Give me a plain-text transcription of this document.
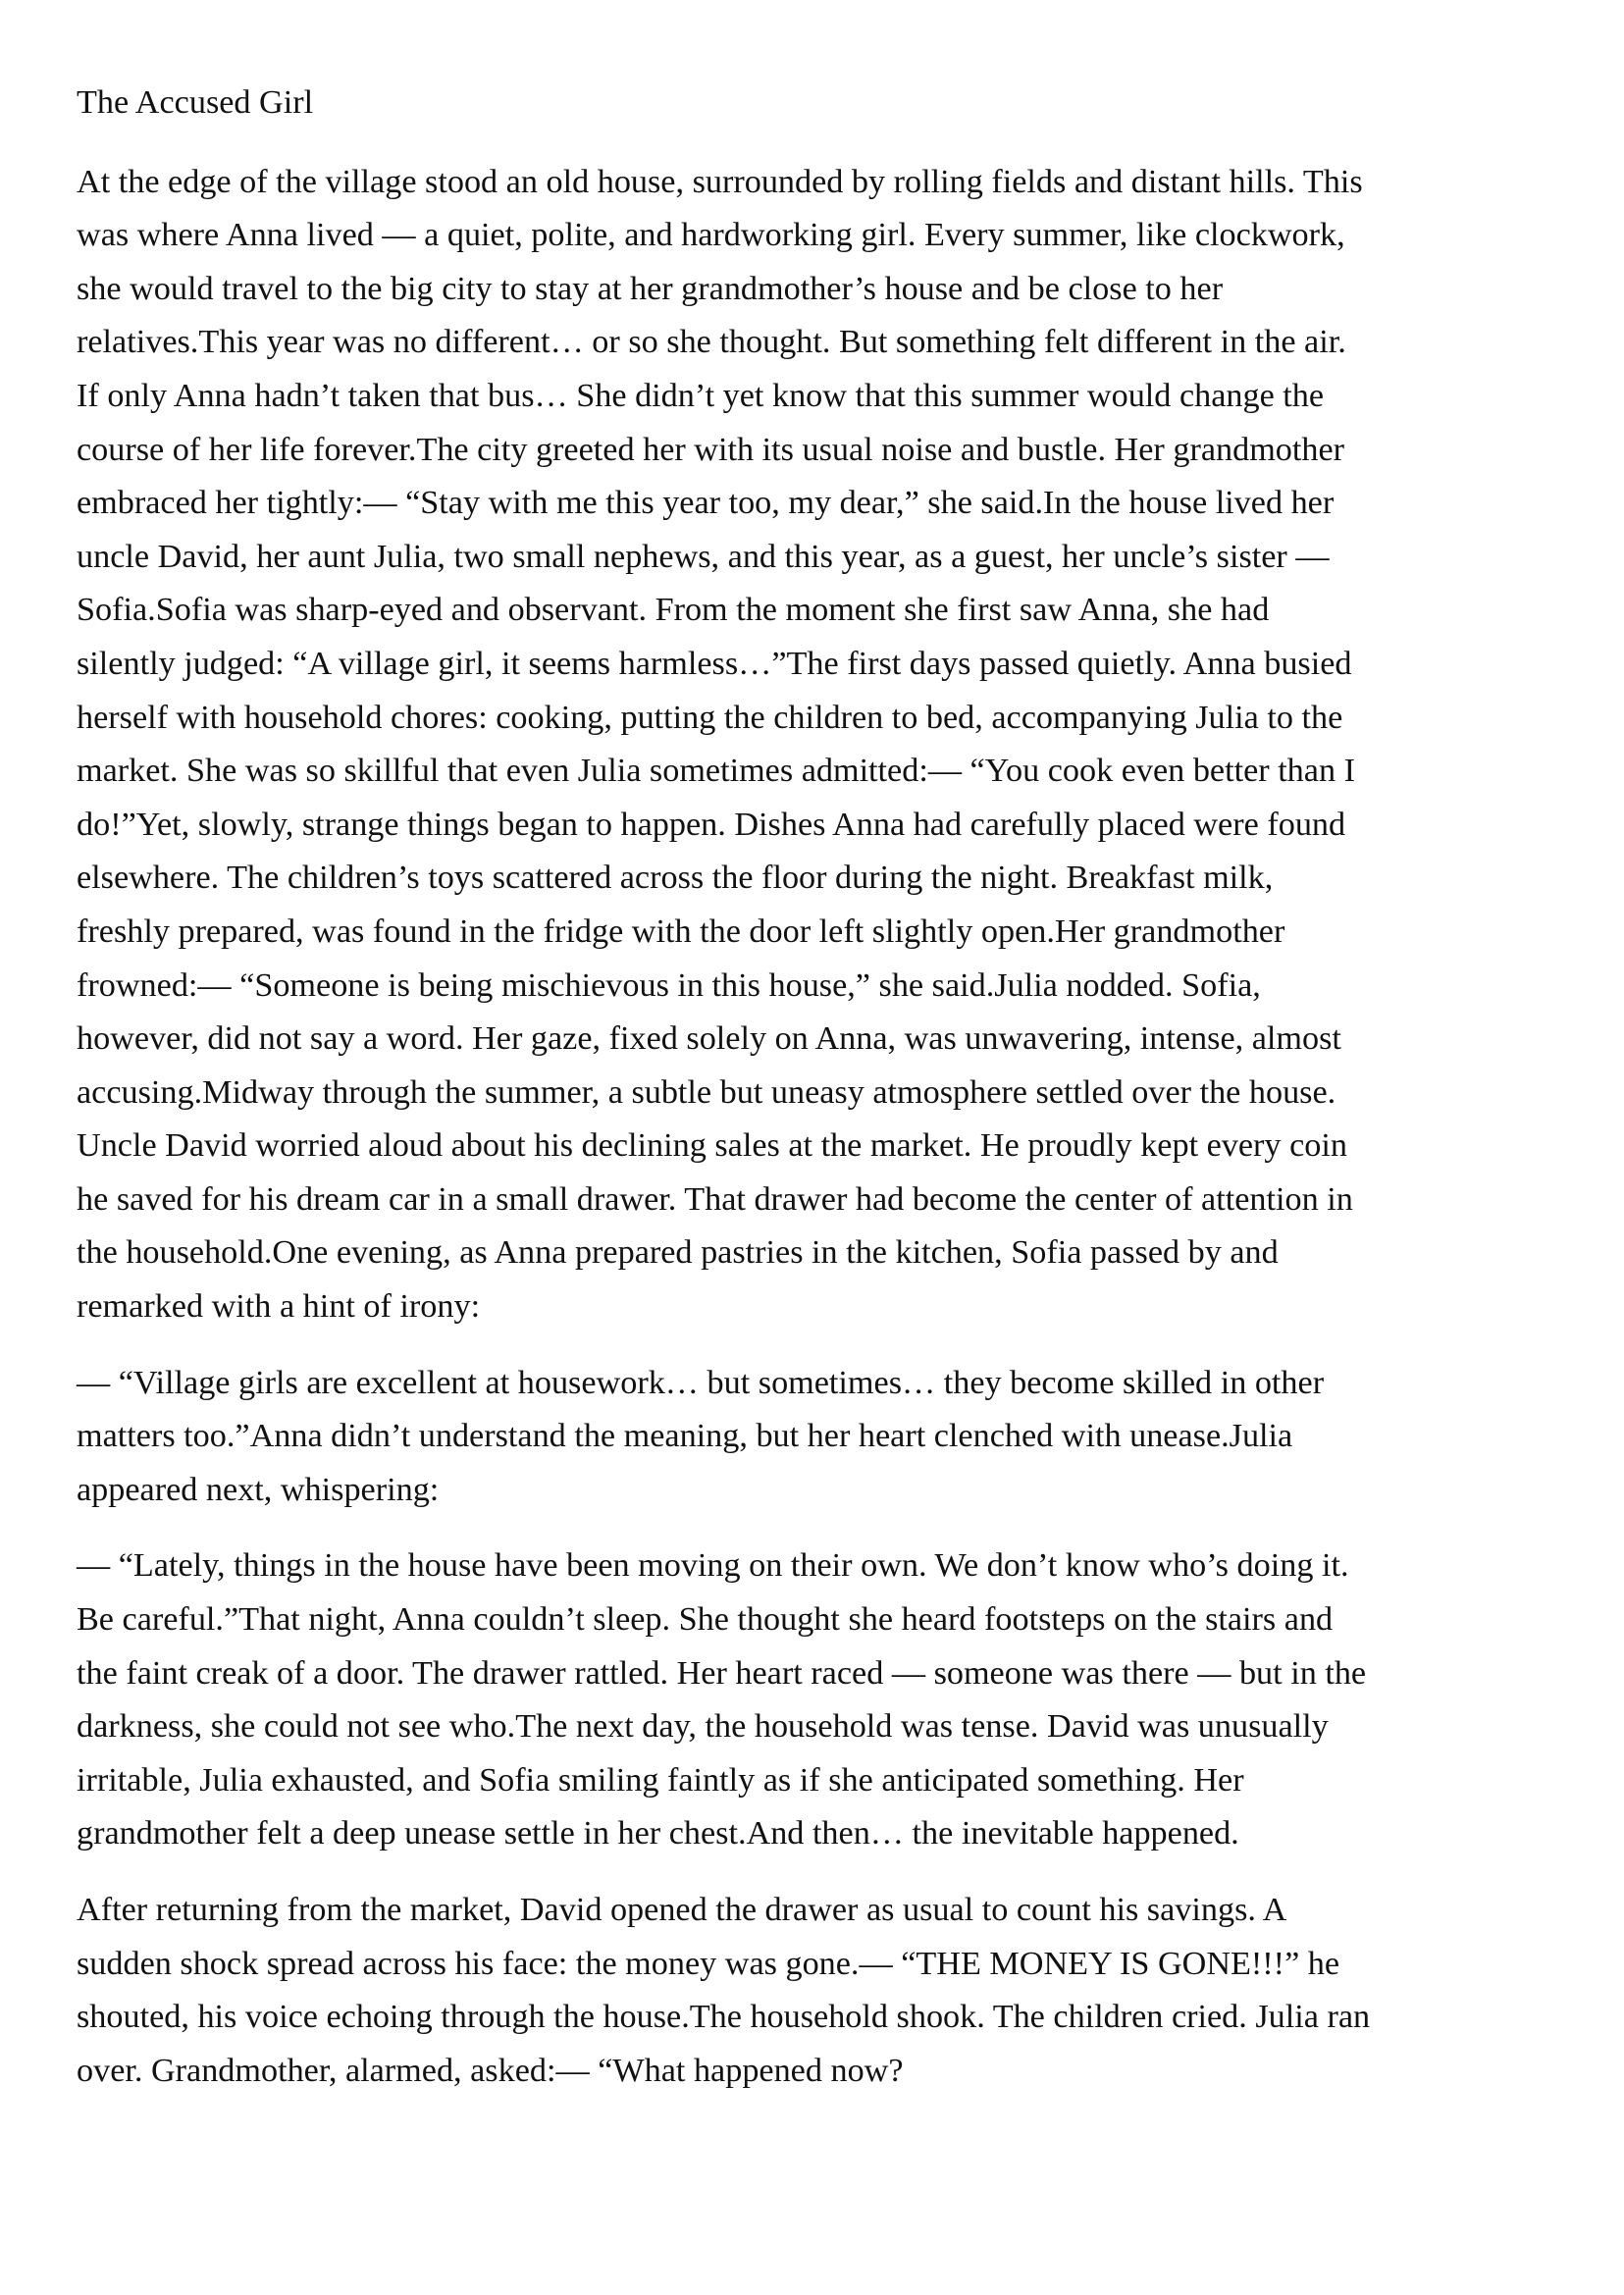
The Accused Girl

At the edge of the village stood an old house, surrounded by rolling fields and distant hills. This
was where Anna lived — a quiet, polite, and hardworking girl. Every summer, like clockwork,
she would travel to the big city to stay at her grandmother’s house and be close to her
relatives.This year was no different… or so she thought. But something felt different in the air.
If only Anna hadn’t taken that bus… She didn’t yet know that this summer would change the
course of her life forever.The city greeted her with its usual noise and bustle. Her grandmother
embraced her tightly:— “Stay with me this year too, my dear,” she said.In the house lived her
uncle David, her aunt Julia, two small nephews, and this year, as a guest, her uncle’s sister —
Sofia.Sofia was sharp-eyed and observant. From the moment she first saw Anna, she had
silently judged: “A village girl, it seems harmless…”The first days passed quietly. Anna busied
herself with household chores: cooking, putting the children to bed, accompanying Julia to the
market. She was so skillful that even Julia sometimes admitted:— “You cook even better than I
do!”Yet, slowly, strange things began to happen. Dishes Anna had carefully placed were found
elsewhere. The children’s toys scattered across the floor during the night. Breakfast milk,
freshly prepared, was found in the fridge with the door left slightly open.Her grandmother
frowned:— “Someone is being mischievous in this house,” she said.Julia nodded. Sofia,
however, did not say a word. Her gaze, fixed solely on Anna, was unwavering, intense, almost
accusing.Midway through the summer, a subtle but uneasy atmosphere settled over the house.
Uncle David worried aloud about his declining sales at the market. He proudly kept every coin
he saved for his dream car in a small drawer. That drawer had become the center of attention in
the household.One evening, as Anna prepared pastries in the kitchen, Sofia passed by and
remarked with a hint of irony:

— “Village girls are excellent at housework… but sometimes… they become skilled in other
matters too.”Anna didn’t understand the meaning, but her heart clenched with unease.Julia
appeared next, whispering:

— “Lately, things in the house have been moving on their own. We don’t know who’s doing it.
Be careful.”That night, Anna couldn’t sleep. She thought she heard footsteps on the stairs and
the faint creak of a door. The drawer rattled. Her heart raced — someone was there — but in the
darkness, she could not see who.The next day, the household was tense. David was unusually
irritable, Julia exhausted, and Sofia smiling faintly as if she anticipated something. Her
grandmother felt a deep unease settle in her chest.And then… the inevitable happened.

After returning from the market, David opened the drawer as usual to count his savings. A
sudden shock spread across his face: the money was gone.— “THE MONEY IS GONE!!!” he
shouted, his voice echoing through the house.The household shook. The children cried. Julia ran
over. Grandmother, alarmed, asked:— “What happened now?
